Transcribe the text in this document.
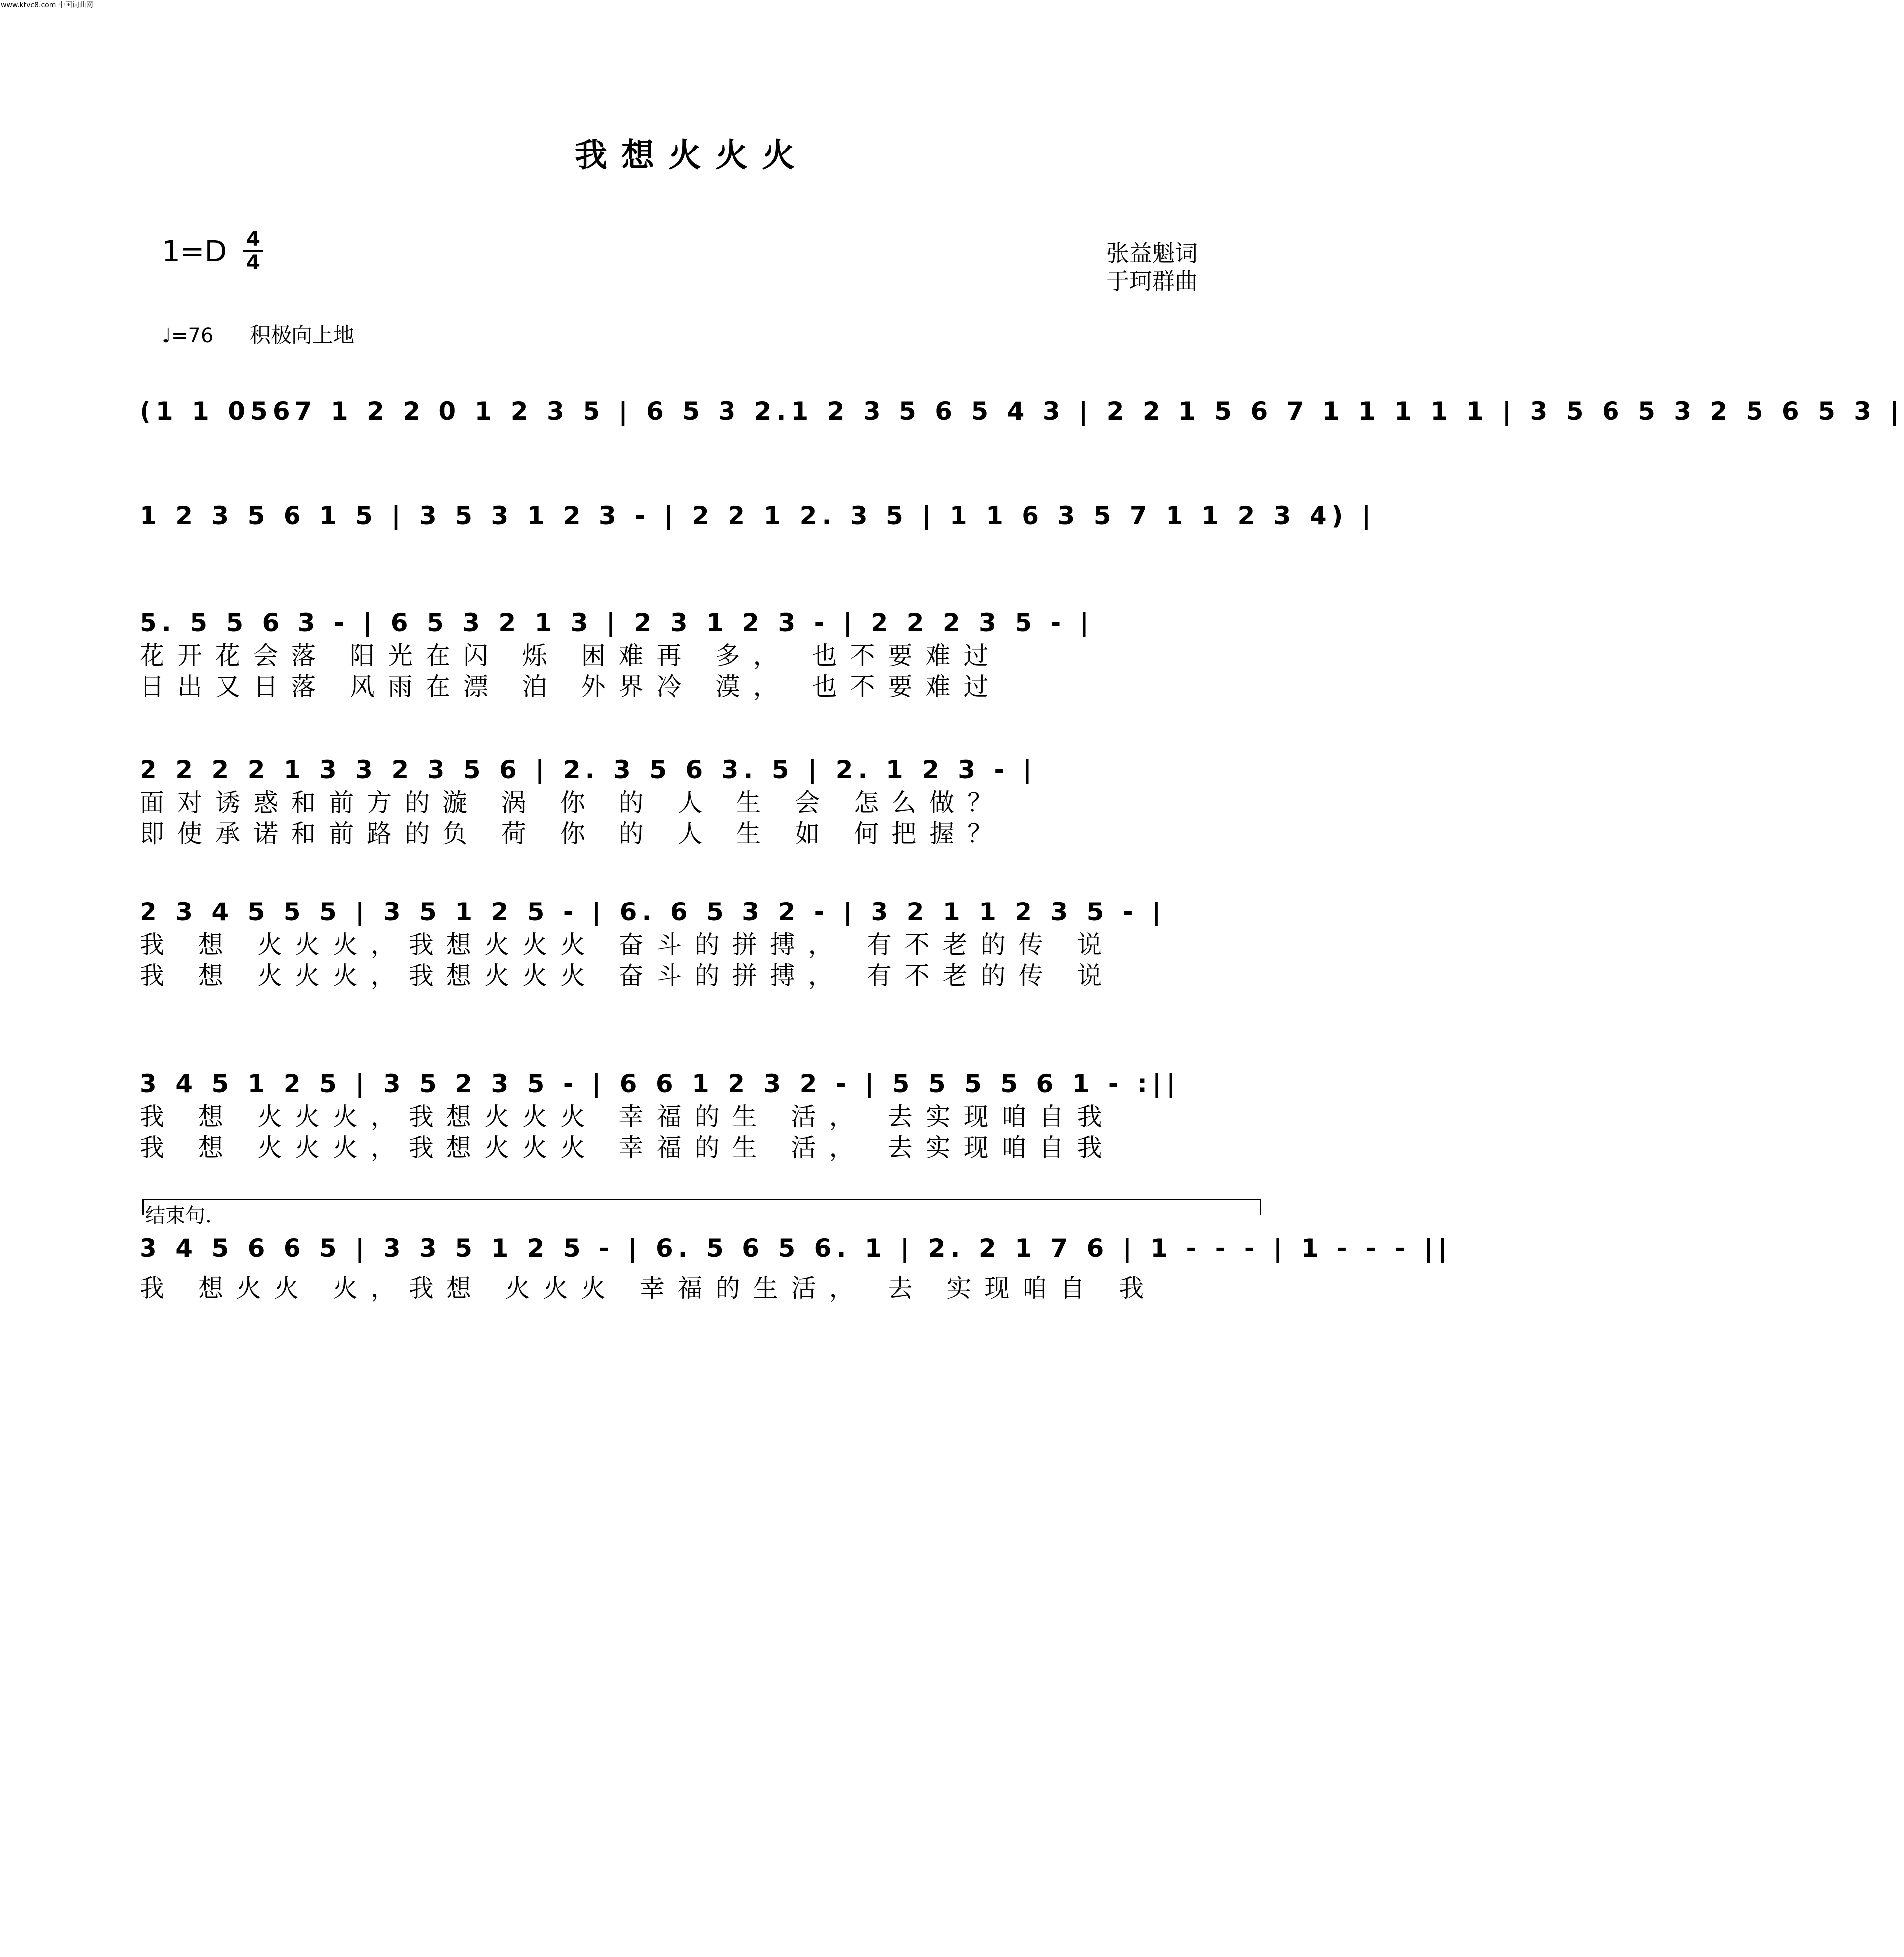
www.ktvc8.com 中国词曲网
我想火火火
1=D 4
4	张益魁词
于珂群曲
♩=76 积极向上地
(1 1 0567 1 2 2 0 1 2 3 5 | 6 5 3 2.1 2 3 5 6 5 4 3 | 2 2 1 5 6 7 1 1 1 1 1 | 3 5 6 5 3 2 5 6 5 3 |
1 2 3 5 6 1 5 | 3 5 3 1 2 3 - | 2 2 1 2. 3 5 | 1 1 6 3 5 7 1 1 2 3 4) |
5. 5 5 6 3 - | 6 5 3 2 1 3 | 2 3 1 2 3 - | 2 2 2 3 5 - |
花开花会落 阳光在闪 烁 困难再 多， 也不要难过
日出又日落 风雨在漂 泊 外界冷 漠， 也不要难过
2 2 2 2 1 3 3 2 3 5 6 | 2. 3 5 6 3. 5 | 2. 1 2 3 - |
面对诱惑和前方的漩 涡 你 的 人 生 会 怎么做？
即使承诺和前路的负 荷 你 的 人 生 如 何把握？
2 3 4 5 5 5 | 3 5 1 2 5 - | 6. 6 5 3 2 - | 3 2 1 1 2 3 5 - |
我 想 火火火，我想火火火 奋斗的拼搏， 有不老的传 说
我 想 火火火，我想火火火 奋斗的拼搏， 有不老的传 说
3 4 5 1 2 5 | 3 5 2 3 5 - | 6 6 1 2 3 2 - | 5 5 5 5 6 1 - :||
我 想 火火火，我想火火火 幸福的生 活， 去实现咱自我
我 想 火火火，我想火火火 幸福的生 活， 去实现咱自我
结束句.
3 4 5 6 6 5 | 3 3 5 1 2 5 - | 6. 5 6 5 6. 1 | 2. 2 1 7 6 | 1 - - - | 1 - - - ||
我 想火火 火，我想 火火火 幸福的生活， 去 实现咱自 我
